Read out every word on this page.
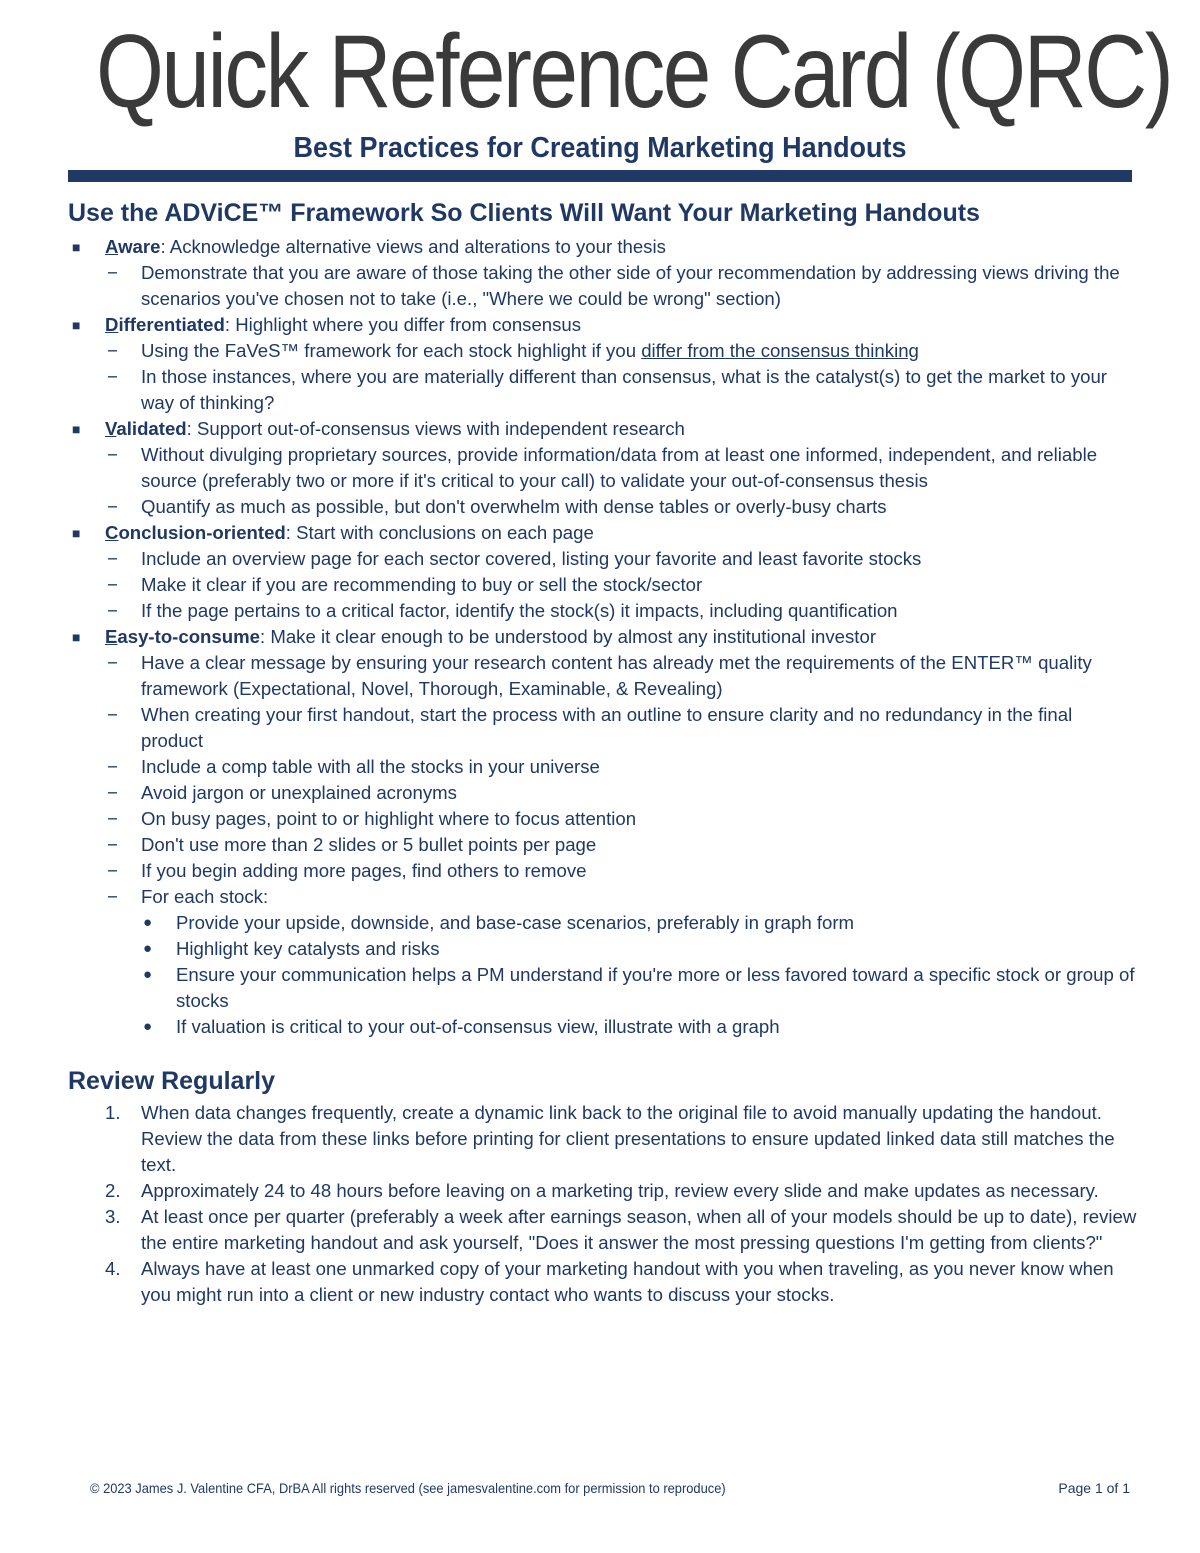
Quick Reference Card (QRC)
Best Practices for Creating Marketing Handouts
Use the ADViCE™ Framework So Clients Will Want Your Marketing Handouts
■ Aware: Acknowledge alternative views and alterations to your thesis
− Demonstrate that you are aware of those taking the other side of your recommendation by addressing views driving the scenarios you've chosen not to take (i.e., "Where we could be wrong" section)
■ Differentiated: Highlight where you differ from consensus
− Using the FaVeS™ framework for each stock highlight if you differ from the consensus thinking
− In those instances, where you are materially different than consensus, what is the catalyst(s) to get the market to your way of thinking?
■ Validated: Support out-of-consensus views with independent research
− Without divulging proprietary sources, provide information/data from at least one informed, independent, and reliable source (preferably two or more if it's critical to your call) to validate your out-of-consensus thesis
− Quantify as much as possible, but don't overwhelm with dense tables or overly-busy charts
■ Conclusion-oriented: Start with conclusions on each page
− Include an overview page for each sector covered, listing your favorite and least favorite stocks
− Make it clear if you are recommending to buy or sell the stock/sector
− If the page pertains to a critical factor, identify the stock(s) it impacts, including quantification
■ Easy-to-consume: Make it clear enough to be understood by almost any institutional investor
− Have a clear message by ensuring your research content has already met the requirements of the ENTER™ quality framework (Expectational, Novel, Thorough, Examinable, & Revealing)
− When creating your first handout, start the process with an outline to ensure clarity and no redundancy in the final product
− Include a comp table with all the stocks in your universe
− Avoid jargon or unexplained acronyms
− On busy pages, point to or highlight where to focus attention
− Don't use more than 2 slides or 5 bullet points per page
− If you begin adding more pages, find others to remove
− For each stock:
● Provide your upside, downside, and base-case scenarios, preferably in graph form
● Highlight key catalysts and risks
● Ensure your communication helps a PM understand if you're more or less favored toward a specific stock or group of stocks
● If valuation is critical to your out-of-consensus view, illustrate with a graph
Review Regularly
1. When data changes frequently, create a dynamic link back to the original file to avoid manually updating the handout. Review the data from these links before printing for client presentations to ensure updated linked data still matches the text.
2. Approximately 24 to 48 hours before leaving on a marketing trip, review every slide and make updates as necessary.
3. At least once per quarter (preferably a week after earnings season, when all of your models should be up to date), review the entire marketing handout and ask yourself, "Does it answer the most pressing questions I'm getting from clients?"
4. Always have at least one unmarked copy of your marketing handout with you when traveling, as you never know when you might run into a client or new industry contact who wants to discuss your stocks.
© 2023 James J. Valentine CFA, DrBA All rights reserved (see jamesvalentine.com for permission to reproduce)	Page 1 of 1
